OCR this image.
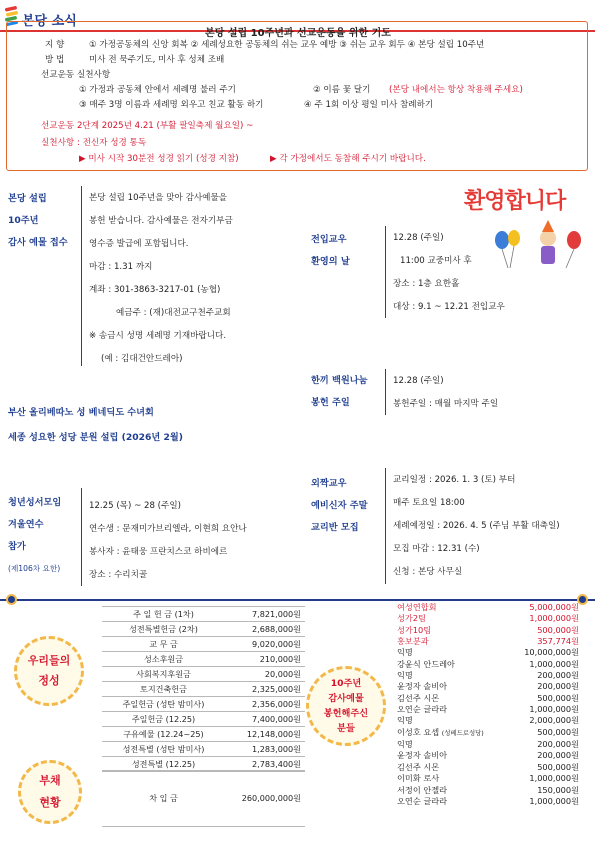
본당 소식
본당 설립 10주년과 선교운동을 위한 기도
지 향	① 가정공동체의 신앙 회복 ② 세례성요한 공동체의 쉬는 교우 예방 ③ 쉬는 교우 회두 ④ 본당 설립 10주년
방 법	미사 전 묵주기도, 미사 후 성체 조배
선교운동 실천사항
① 가정과 공동체 안에서 세례명 불러 주기	② 이름 꽃 달기 (본당 내에서는 항상 착용해 주세요)
③ 매주 3명 이름과 세례명 외우고 친교 활동 하기	④ 주 1회 이상 평일 미사 참례하기
선교운동 2단계 2025년 4.21 (부활 팔일축제 월요일) ~
실천사항 : 전신자 성경 통독
▶ 미사 시작 30분전 성경 읽기 (성경 지참)	▶ 각 가정에서도 동참해 주시기 바랍니다.
본당 설립
10주년
감사 예물 접수
본당 설립 10주년을 맞아 감사예물을
봉헌 받습니다. 감사예물은 전자기부금
영수증 발급에 포함됩니다.
마감 : 1.31 까지
계좌 : 301-3863-3217-01 (농협)
예금주 : (재)대전교구천주교회
※ 송금시 성명 세례명 기재바랍니다.
(예 : 김대건안드레아)
환영합니다
전입교우
환영의 날
12.28 (주일)
11:00 교중미사 후
장소 : 1층 요한홀
대상 : 9.1 ~ 12.21 전입교우
한끼 백원나눔
봉헌 주일
12.28 (주일)
봉헌주일 : 매월 마지막 주일
부산 올리베따노 성 베네딕도 수녀회
세종 성요한 성당 분원 설립 (2026년 2월)
청년성서모임
겨울연수
참가
(제106차 요한)
12.25 (목) ~ 28 (주일)
연수생 : 문재미가브리엘라, 이현희 요안나
봉사자 : 윤태웅 프란치스코 하비에르
장소 : 수리치골
외짝교우
예비신자 주말
교리반 모집
교리일정 : 2026. 1. 3 (토) 부터
매주 토요일 18:00
세례예정일 : 2026. 4. 5 (주님 부활 대축일)
모집 마감 : 12.31 (수)
신청 : 본당 사무실
우리들의
정성
주 일 헌 금 (1차)	7,821,000원
성전특별헌금 (2차)	2,688,000원
교 무 금	9,020,000원
성소후원금	210,000원
사회복지후원금	20,000원
토지건축헌금	2,325,000원
주일헌금 (성탄 밤미사)	2,356,000원
주일헌금 (12.25)	7,400,000원
구유예물 (12.24~25)	12,148,000원
성전특별 (성탄 밤미사)	1,283,000원
성전특별 (12.25)	2,783,400원
부채
현황	차 입 금	260,000,000원
10주년
감사예물
봉헌해주신
분들
여성연합회	5,000,000원
성가2팀	1,000,000원
성가10팀	500,000원
홍보분과	357,774원
익명	10,000,000원
강윤식 안드레아	1,000,000원
익명	200,000원
윤정자 솔비아	200,000원
김선주 시몬	500,000원
오연순 글라라	1,000,000원
익명	2,000,000원
이성호 요셉 (성베드로성당)	500,000원
익명	200,000원
윤정자 솔비아	200,000원
김선주 시몬	500,000원
이미화 로사	1,000,000원
서정이 안젤라	150,000원
오연순 글라라	1,000,000원
